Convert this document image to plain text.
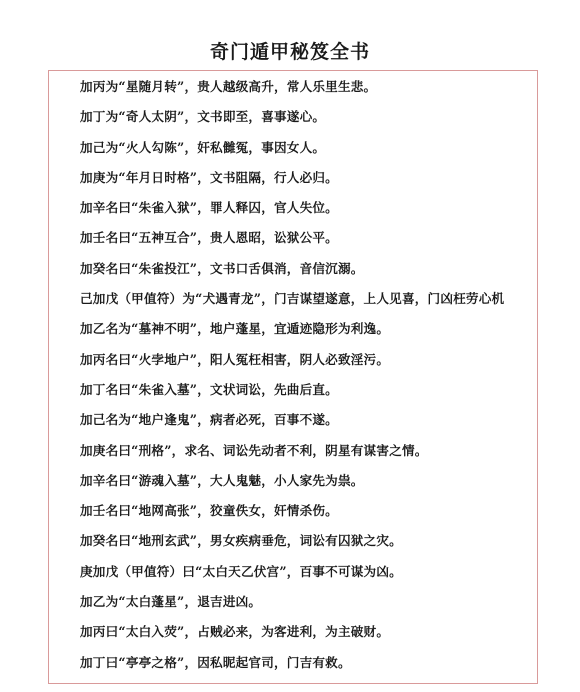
奇门遁甲秘笈全书
加丙为“星随月转”，贵人越级高升，常人乐里生悲。
加丁为“奇人太阴”，文书即至，喜事遂心。
加己为“火人勾陈”，奸私雠冤，事因女人。
加庚为“年月日时格”，文书阻隔，行人必归。
加辛名曰“朱雀入狱”，罪人释囚，官人失位。
加壬名曰“五神互合”，贵人恩昭，讼狱公平。
加癸名曰“朱雀投江”，文书口舌俱消，音信沉溺。
己加戊（甲值符）为“犬遇青龙”，门吉谋望遂意，上人见喜，门凶枉劳心机
加乙名为“墓神不明”，地户蓬星，宜遁迹隐形为利逸。
加丙名曰“火孛地户”，阳人冤枉相害，阴人必致淫污。
加丁名曰“朱雀入墓”，文状词讼，先曲后直。
加己名为“地户逢鬼”，病者必死，百事不遂。
加庚名曰“刑格”，求名、词讼先动者不利，阴星有谋害之情。
加辛名曰“游魂入墓”，大人鬼魅，小人家先为祟。
加壬名曰“地网高张”，狡童佚女，奸情杀伤。
加癸名曰“地刑玄武”，男女疾病垂危，词讼有囚狱之灾。
庚加戊（甲值符）曰“太白天乙伏宫”，百事不可谋为凶。
加乙为“太白蓬星”，退吉进凶。
加丙曰“太白入荧”，占贼必来，为客进利，为主破财。
加丁曰“亭亭之格”，因私昵起官司，门吉有救。
